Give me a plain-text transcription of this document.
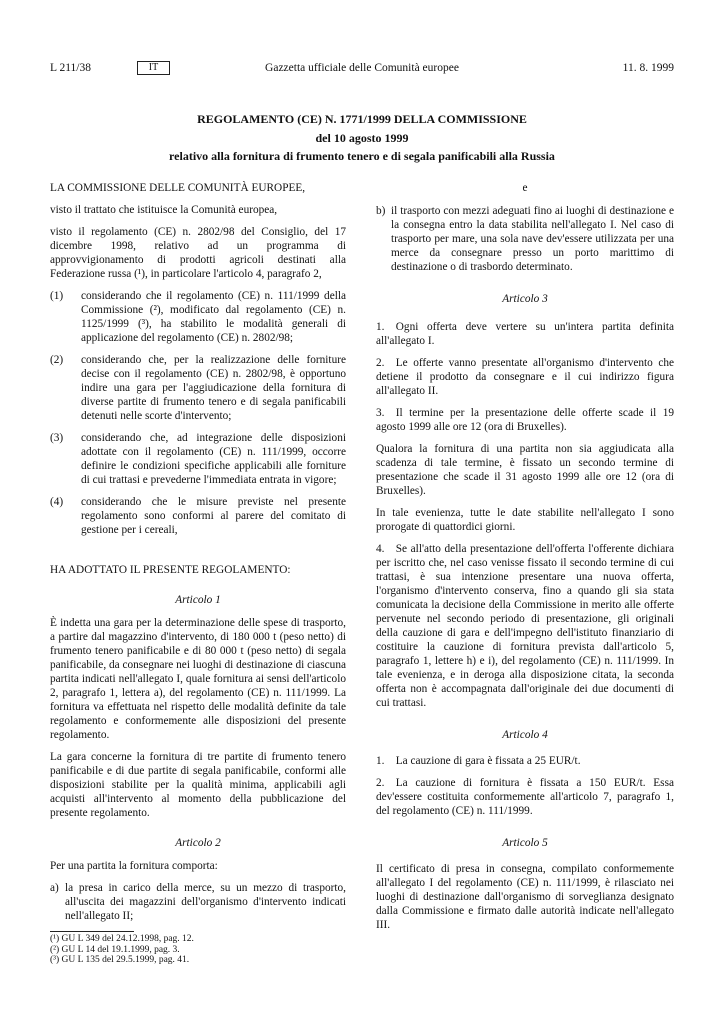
L 211/38	IT	Gazzetta ufficiale delle Comunità europee	11. 8. 1999
REGOLAMENTO (CE) N. 1771/1999 DELLA COMMISSIONE
del 10 agosto 1999
relativo alla fornitura di frumento tenero e di segala panificabili alla Russia

LA COMMISSIONE DELLE COMUNITÀ EUROPEE,

visto il trattato che istituisce la Comunità europea,

visto il regolamento (CE) n. 2802/98 del Consiglio, del 17 dicembre 1998, relativo ad un programma di approvvigionamento di prodotti agricoli destinati alla Federazione russa (¹), in particolare l'articolo 4, paragrafo 2,

(1)	considerando che il regolamento (CE) n. 111/1999 della Commissione (²), modificato dal regolamento (CE) n. 1125/1999 (³), ha stabilito le modalità generali di applicazione del regolamento (CE) n. 2802/98;
(2)	considerando che, per la realizzazione delle forniture decise con il regolamento (CE) n. 2802/98, è opportuno indire una gara per l'aggiudicazione della fornitura di diverse partite di frumento tenero e di segala panificabili detenuti nelle scorte d'intervento;
(3)	considerando che, ad integrazione delle disposizioni adottate con il regolamento (CE) n. 111/1999, occorre definire le condizioni specifiche applicabili alle forniture di cui trattasi e prevederne l'immediata entrata in vigore;
(4)	considerando che le misure previste nel presente regolamento sono conformi al parere del comitato di gestione per i cereali,

HA ADOTTATO IL PRESENTE REGOLAMENTO:

Articolo 1

È indetta una gara per la determinazione delle spese di trasporto, a partire dal magazzino d'intervento, di 180 000 t (peso netto) di frumento tenero panificabile e di 80 000 t (peso netto) di segala panificabile, da consegnare nei luoghi di destinazione di ciascuna partita indicati nell'allegato I, quale fornitura ai sensi dell'articolo 2, paragrafo 1, lettera a), del regolamento (CE) n. 111/1999. La fornitura va effettuata nel rispetto delle modalità definite da tale regolamento e conformemente alle disposizioni del presente regolamento.

La gara concerne la fornitura di tre partite di frumento tenero panificabile e di due partite di segala panificabile, conformi alle disposizioni stabilite per la qualità minima, applicabili agli acquisti all'intervento al momento della pubblicazione del presente regolamento.

Articolo 2

Per una partita la fornitura comporta:

a) la presa in carico della merce, su un mezzo di trasporto, all'uscita dei magazzini dell'organismo d'intervento indicati nell'allegato II;
e
b) il trasporto con mezzi adeguati fino ai luoghi di destinazione e la consegna entro la data stabilita nell'allegato I. Nel caso di trasporto per mare, una sola nave dev'essere utilizzata per una merce da consegnare presso un porto marittimo di destinazione o di trasbordo determinato.
Articolo 3

1. Ogni offerta deve vertere su un'intera partita definita all'allegato I.

2. Le offerte vanno presentate all'organismo d'intervento che detiene il prodotto da consegnare e il cui indirizzo figura all'allegato II.

3. Il termine per la presentazione delle offerte scade il 19 agosto 1999 alle ore 12 (ora di Bruxelles).

Qualora la fornitura di una partita non sia aggiudicata alla scadenza di tale termine, è fissato un secondo termine di presentazione che scade il 31 agosto 1999 alle ore 12 (ora di Bruxelles).

In tale evenienza, tutte le date stabilite nell'allegato I sono prorogate di quattordici giorni.

4. Se all'atto della presentazione dell'offerta l'offerente dichiara per iscritto che, nel caso venisse fissato il secondo termine di cui trattasi, è sua intenzione presentare una nuova offerta, l'organismo d'intervento conserva, fino a quando gli sia stata comunicata la decisione della Commissione in merito alle offerte pervenute nel secondo periodo di presentazione, gli originali della cauzione di gara e dell'impegno dell'istituto finanziario di costituire la cauzione di fornitura prevista dall'articolo 5, paragrafo 1, lettere h) e i), del regolamento (CE) n. 111/1999. In tale evenienza, e in deroga alla disposizione citata, la seconda offerta non è accompagnata dall'originale dei due documenti di cui trattasi.

Articolo 4

1. La cauzione di gara è fissata a 25 EUR/t.

2. La cauzione di fornitura è fissata a 150 EUR/t. Essa dev'essere costituita conformemente all'articolo 7, paragrafo 1, del regolamento (CE) n. 111/1999.

Articolo 5

Il certificato di presa in consegna, compilato conformemente all'allegato I del regolamento (CE) n. 111/1999, è rilasciato nei luoghi di destinazione dall'organismo di sorveglianza designato dalla Commissione e firmato dalle autorità indicate nell'allegato III.

(¹) GU L 349 del 24.12.1998, pag. 12.
(²) GU L 14 del 19.1.1999, pag. 3.
(³) GU L 135 del 29.5.1999, pag. 41.
